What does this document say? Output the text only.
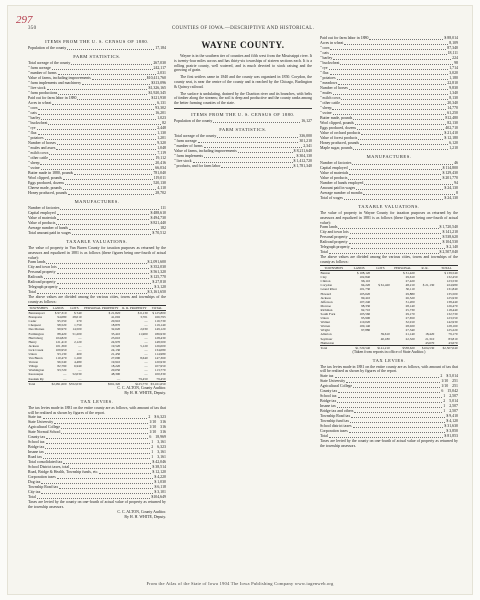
297
350	COUNTIES OF IOWA.—DESCRIPTIVE AND HISTORICAL.
ITEMS FROM THE U. S. CENSUS OF 1880.
Population of the county	17,184
FARM STATISTICS.
Total acreage of the county	267,030
" farm acreage	242,117
" number of farms	2,031
Value of farms, including improvements	$10,411,760
" farm implements and machinery	$313,096
" live stock	$1,326,165
" farm productions	$1,920,345
Paid out for farm labor in 1880	$121,930
Acres in wheat	6,131
" corn	93,302
" oats	16,201
" barley	1,023
" buckwheat	82
" rye	2,448
" flax	1,130
" potatoes	1,201
Number of horses	9,320
" mules and asses	1,048
" milch cows	7,119
" other cattle	19,112
" sheep	20,416
" swine	66,034
Butter made in 1880, pounds	781,040
Wool clipped, pounds	119,011
Eggs produced, dozens	520,130
Cheese made, pounds	4,110
Honey produced, pounds	28,702
MANUFACTURES.
Number of factories	111
Capital employed	$ 488,610
Value of materials	$ 494,730
Value of products	$ 821,440
Average number of hands	182
Total amount paid in wages	$ 70,512
TAXABLE VALUATIONS.
The value of property in Van Buren County for taxation purposes as returned by the assessors and equalized in 1881 is as follows (these figures being one-fourth of actual value):
Farm lands	$ 2,091,600
City and town lots	$ 352,030
Personal property	$ 561,320
Railroads	$ 125,770
Railroad property	$ 27,810
Telegraph property	$ 3,120
Total	$ 3,161,650
The above values are divided among the various cities, towns and townships of the county as follows:
TOWNSHIPS	LANDS	LOTS	PERSONAL PROPERTY	R. R. PROPERTY	TOTAL
Bentonsport	$ 97,310	$ 540	$ 21,820	$ 6,130	$ 125,800
Bonaparte	94,080	28,010	41,002	3,701	166,793
Cedar	95,550	270	20,910	—	116,730
Chequest	98,520	1,750	18,870	—	119,140
Des Moines	99,970	14,500	32,620	2,030	149,120
Farmington	88,420	51,200	35,410	11,900	186,930
Harrisburg	104,820	—	23,610	—	128,430
Henry	121,410	2,120	24,970	—	148,500
Jackson	101,360	—	19,520	5,120	126,000
Lick Creek	109,950	—	24,130	—	134,080
Union	93,130	400	21,450	—	114,980
Van Buren	110,470	1,160	27,090	8,640	147,360
Vernon	96,540	4,480	19,910	—	120,930
Village	82,790	6,940	18,220	—	107,950
Washington	93,720	—	20,050	—	113,770
Keosauqua	—	52,030	48,300	—	100,330
Keokuk Ry.	—	—	—	79,450	79,450
Total	$2,091,600	$352,030	$561,320	$125,770	$3,161,650
C. C. ALTON, County Auditor.
By H. H. WHITE, Deputy.
TAX LEVIES.
The tax levies made in 1881 on the entire county are as follows, with amount of tax that will be realized as shown by figures of the report.
State tax	2 $ 6,323
State University	1/10 316
Agricultural College	1/10 316
State Normal School	1/10 316
County tax	6 18,969
School tax	1 3,161
Bridge tax	2 6,323
Insane tax	1 3,161
Road tax	1 3,161
Total consolidated tax	$ 42,046
School District taxes, total	$ 38,514
Road, Bridge & Health, Township funds, etc.	$ 12,120
Corporation taxes	$ 4,220
Dog tax	$ 1,030
Township Road tax	$ 6,118
City tax	$ 3,101
Total	$104,649
Taxes are levied by the county on one-fourth of actual value of property as returned by the township assessors.
C. C. ALTON, County Auditor.
By H. H. WHITE, Deputy.
WAYNE COUNTY.
Wayne is in the southern tier of counties and fifth west from the Mississippi river. It is twenty-four miles across and has thirty-six townships of sixteen sections each. It is a rolling prairie county, well watered, and is much devoted to stock raising and the growing of grain.
The first settlers came in 1840 and the county was organized in 1850. Corydon, the county seat, is near the centre of the county and is reached by the Chicago, Burlington & Quincy railroad.
The surface is undulating, drained by the Chariton river and its branches, with belts of timber along the streams; the soil is deep and productive and the county ranks among the better farming counties of the state.
ITEMS FROM THE U. S. CENSUS OF 1880.
Population of the county	16,127
FARM STATISTICS.
Total acreage of the county	336,000
" farm acreage	301,210
" number of farms	2,341
Value of farms, including improvements	$ 8,211,640
" farm implements	$ 304,130
" live stock	$ 1,412,720
" products, and for farm labor	$ 1,781,340
Paid out for farm labor in 1880	$ 88,014
Acres in wheat	8,109
" corn	87,340
" oats	18,111
" barley	224
" buckwheat	98
" rye	1,714
" flax	3,020
" potatoes	1,180
" meadows	22,810
Number of horses	9,830
" mules	1,340
" milch cows	8,130
" other cattle	20,340
" sheep	14,770
" swine	61,250
Butter made, pounds	812,480
Wool clipped, pounds	82,130
Eggs produced, dozens	402,710
Value of orchard products	$ 21,410
Value of forest products	$ 12,180
Honey produced, pounds	6,120
Maple sugar, pounds	1,210
MANUFACTURES.
Number of factories	46
Capital employed	$ 114,800
Value of materials	$ 129,430
Value of products	$ 201,770
Number of hands employed	94
Amount paid in wages	$ 24,130
Average number of months	8
Total of wages	$ 24,130
TAXABLE VALUATIONS.
The value of property in Wayne County for taxation purposes as returned by the assessors and equalized in 1881 is as follows (these figures being one-fourth of actual value):
Farm lands	$ 1,720,540
City and town lots	$ 141,210
Personal property	$ 538,620
Railroad property	$ 104,530
Telegraph property	$ 2,140
Total	$ 2,507,040
The above values are divided among the various cities, towns and townships of the county as follows:
TOWNSHIPS	LANDS	LOTS	PERSONAL	R. R.	TOTAL
Benton	$ 108,120		$ 31,420		$ 139,540
Clay	102,840		29,610		132,450
Clinton	96,110		27,420		123,530
Corydon	94,220	$ 61,420	48,210	$ 21,130	224,980
Grand River	101,730		30,110		131,840
Howard	105,620		29,880		135,500
Jackson	99,410		26,520		125,930
Jefferson	107,240		31,200		138,440
Monroe	98,330		28,140		126,470
Richman	92,710		25,730		118,440
South Fork	103,560		29,170		132,730
Union	95,900		27,650		123,550
Walnut	110,020		32,910		142,930
Warren	100,140		28,020		128,160
Wright	97,880		27,340		125,220
Allerton		39,610	21,140	18,420	79,170
Seymour		40,180	22,320	21,310	83,810
Humeston				43,670	43,670
Total	$1,720,540	$141,210	$538,620	$104,530	$2,507,040
(Taken from reports in office of State Auditor.)
TAX LEVIES.
The tax levies made in 1881 on the entire county are as follows, with amount of tax that will be realized as shown by figures of the report.
State tax	2 $ 5,014
State University	1/10 251
Agricultural College	1/10 251
County tax	6 15,042
School tax	1 2,507
Bridge tax	2 5,014
Insane tax	1 2,507
Bridge tax and others	1 2,507
Township Road tax	$ 9,410
Township fund tax	$ 4,120
School district taxes	$ 31,630
Corporation taxes	$ 3,850
Total	$ 81,853
Taxes are levied by the county on one-fourth of actual value of property as returned by the township assessors.
From the Atlas of the State of Iowa 1904 The Iowa Publishing Company www.iagenweb.org
